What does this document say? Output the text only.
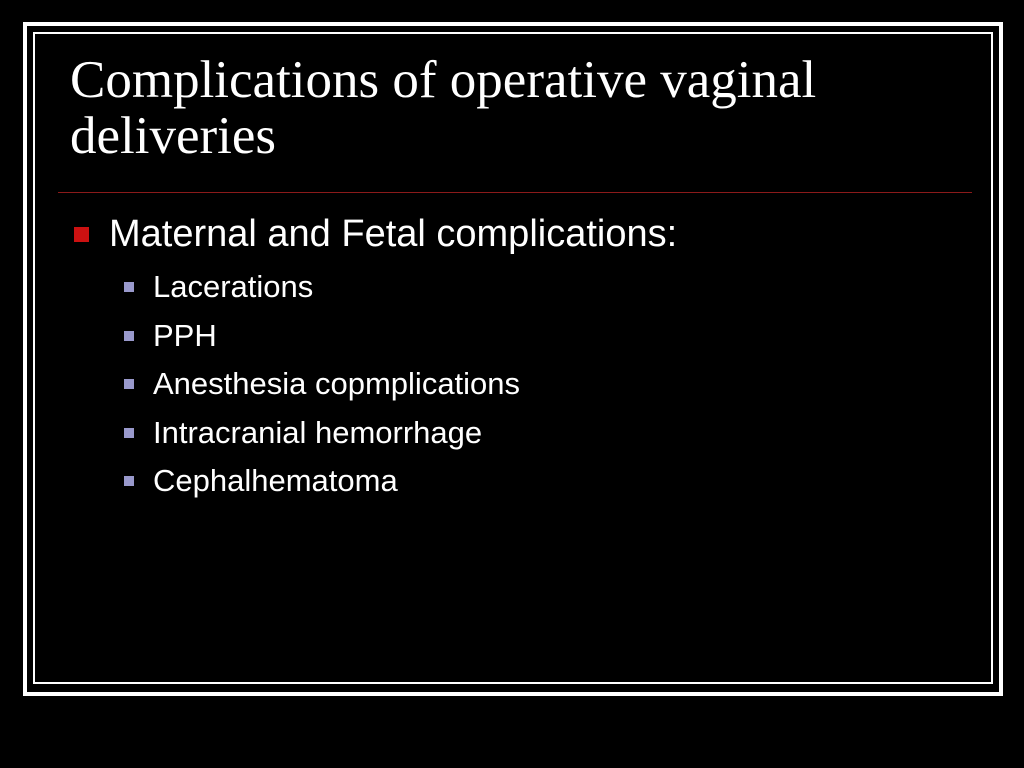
Complications of operative vaginal deliveries
Maternal and Fetal complications:
Lacerations
PPH
Anesthesia copmplications
Intracranial hemorrhage
Cephalhematoma
